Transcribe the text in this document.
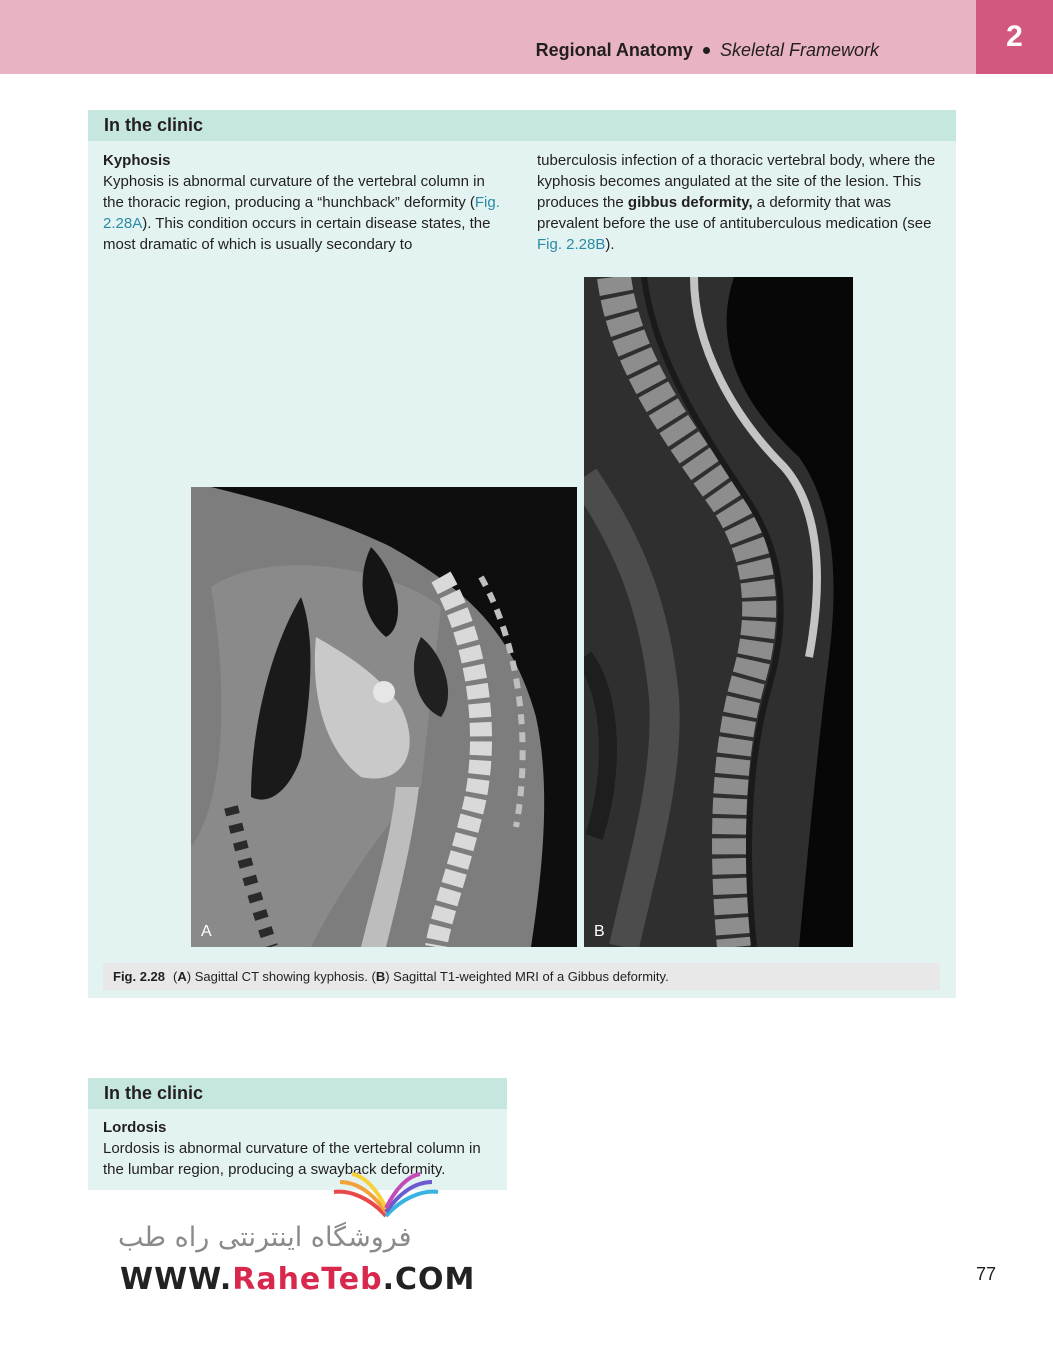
Regional Anatomy Skeletal Framework	2
In the clinic
Kyphosis
Kyphosis is abnormal curvature of the vertebral column in the thoracic region, producing a “hunchback” deformity (Fig. 2.28A). This condition occurs in certain disease states, the most dramatic of which is usually secondary to
tuberculosis infection of a thoracic vertebral body, where the kyphosis becomes angulated at the site of the lesion. This produces the gibbus deformity, a deformity that was prevalent before the use of antituberculous medication (see Fig. 2.28B).
A	B
Fig. 2.28 (A) Sagittal CT showing kyphosis. (B) Sagittal T1-weighted MRI of a Gibbus deformity.
In the clinic
Lordosis
Lordosis is abnormal curvature of the vertebral column in the lumbar region, producing a swayback deformity.
فروشگاه اینترنتی راه طب
WWW.RaheTeb.COM	77
